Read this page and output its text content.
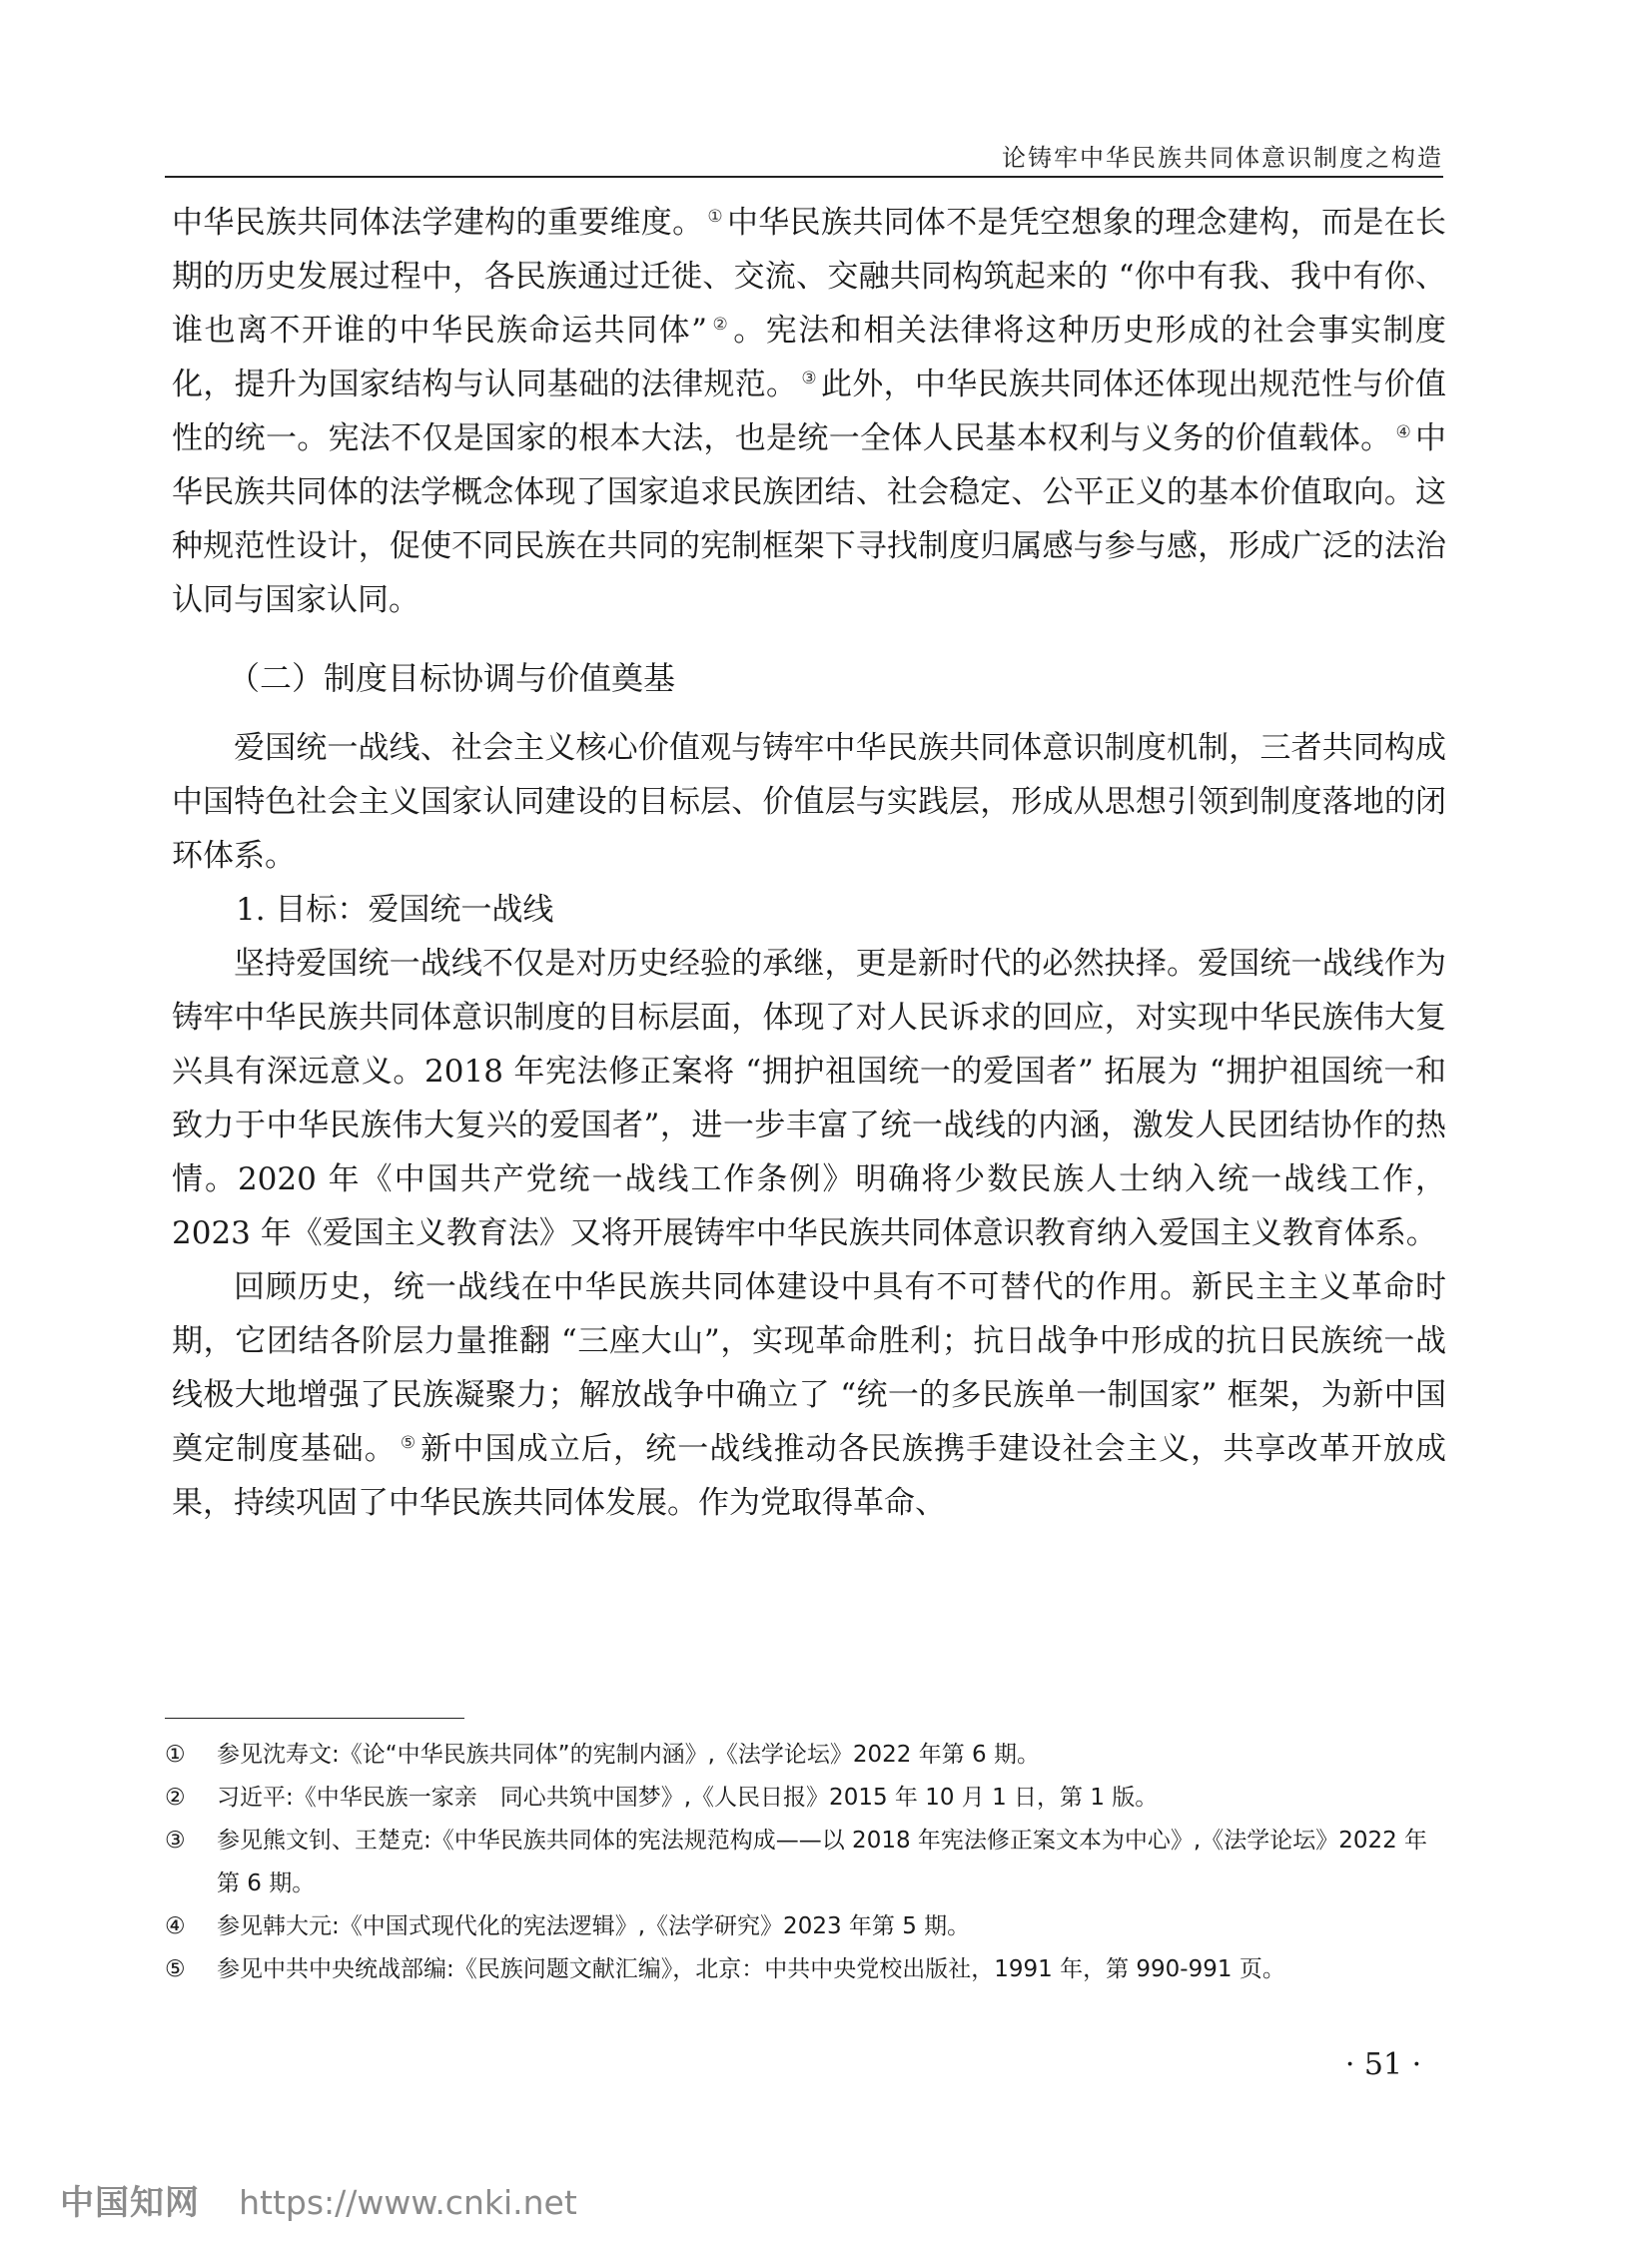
论铸牢中华民族共同体意识制度之构造

中华民族共同体法学建构的重要维度。 ① 中华民族共同体不是凭空想象的理念建构，而是在长期的历史发展过程中，各民族通过迁徙、交流、交融共同构筑起来的 “你中有我、我中有你、谁也离不开谁的中华民族命运共同体” ② 。宪法和相关法律将这种历史形成的社会事实制度化，提升为国家结构与认同基础的法律规范。 ③ 此外，中华民族共同体还体现出规范性与价值性的统一。宪法不仅是国家的根本大法，也是统一全体人民基本权利与义务的价值载体。 ④ 中华民族共同体的法学概念体现了国家追求民族团结、社会稳定、公平正义的基本价值取向。这种规范性设计，促使不同民族在共同的宪制框架下寻找制度归属感与参与感，形成广泛的法治认同与国家认同。

（二）制度目标协调与价值奠基

爱国统一战线、社会主义核心价值观与铸牢中华民族共同体意识制度机制，三者共同构成中国特色社会主义国家认同建设的目标层、价值层与实践层，形成从思想引领到制度落地的闭环体系。

1. 目标：爱国统一战线

坚持爱国统一战线不仅是对历史经验的承继，更是新时代的必然抉择。爱国统一战线作为铸牢中华民族共同体意识制度的目标层面，体现了对人民诉求的回应，对实现中华民族伟大复兴具有深远意义。2018 年宪法修正案将 “拥护祖国统一的爱国者” 拓展为 “拥护祖国统一和致力于中华民族伟大复兴的爱国者”，进一步丰富了统一战线的内涵，激发人民团结协作的热情。2020 年《中国共产党统一战线工作条例》明确将少数民族人士纳入统一战线工作，2023 年《爱国主义教育法》又将开展铸牢中华民族共同体意识教育纳入爱国主义教育体系。

回顾历史，统一战线在中华民族共同体建设中具有不可替代的作用。新民主主义革命时期，它团结各阶层力量推翻 “三座大山”，实现革命胜利；抗日战争中形成的抗日民族统一战线极大地增强了民族凝聚力；解放战争中确立了 “统一的多民族单一制国家” 框架，为新中国奠定制度基础。 ⑤ 新中国成立后，统一战线推动各民族携手建设社会主义，共享改革开放成果，持续巩固了中华民族共同体发展。作为党取得革命、

①	参见沈寿文:《论“中华民族共同体”的宪制内涵》,《法学论坛》2022 年第 6 期。
②	习近平:《中华民族一家亲　同心共筑中国梦》,《人民日报》2015 年 10 月 1 日，第 1 版。
③	参见熊文钊、王楚克:《中华民族共同体的宪法规范构成——以 2018 年宪法修正案文本为中心》,《法学论坛》2022 年第 6 期。
④	参见韩大元:《中国式现代化的宪法逻辑》,《法学研究》2023 年第 5 期。
⑤	参见中共中央统战部编:《民族问题文献汇编》，北京：中共中央党校出版社，1991 年，第 990-991 页。
· 51 ·
中国知网 https://www.cnki.net
